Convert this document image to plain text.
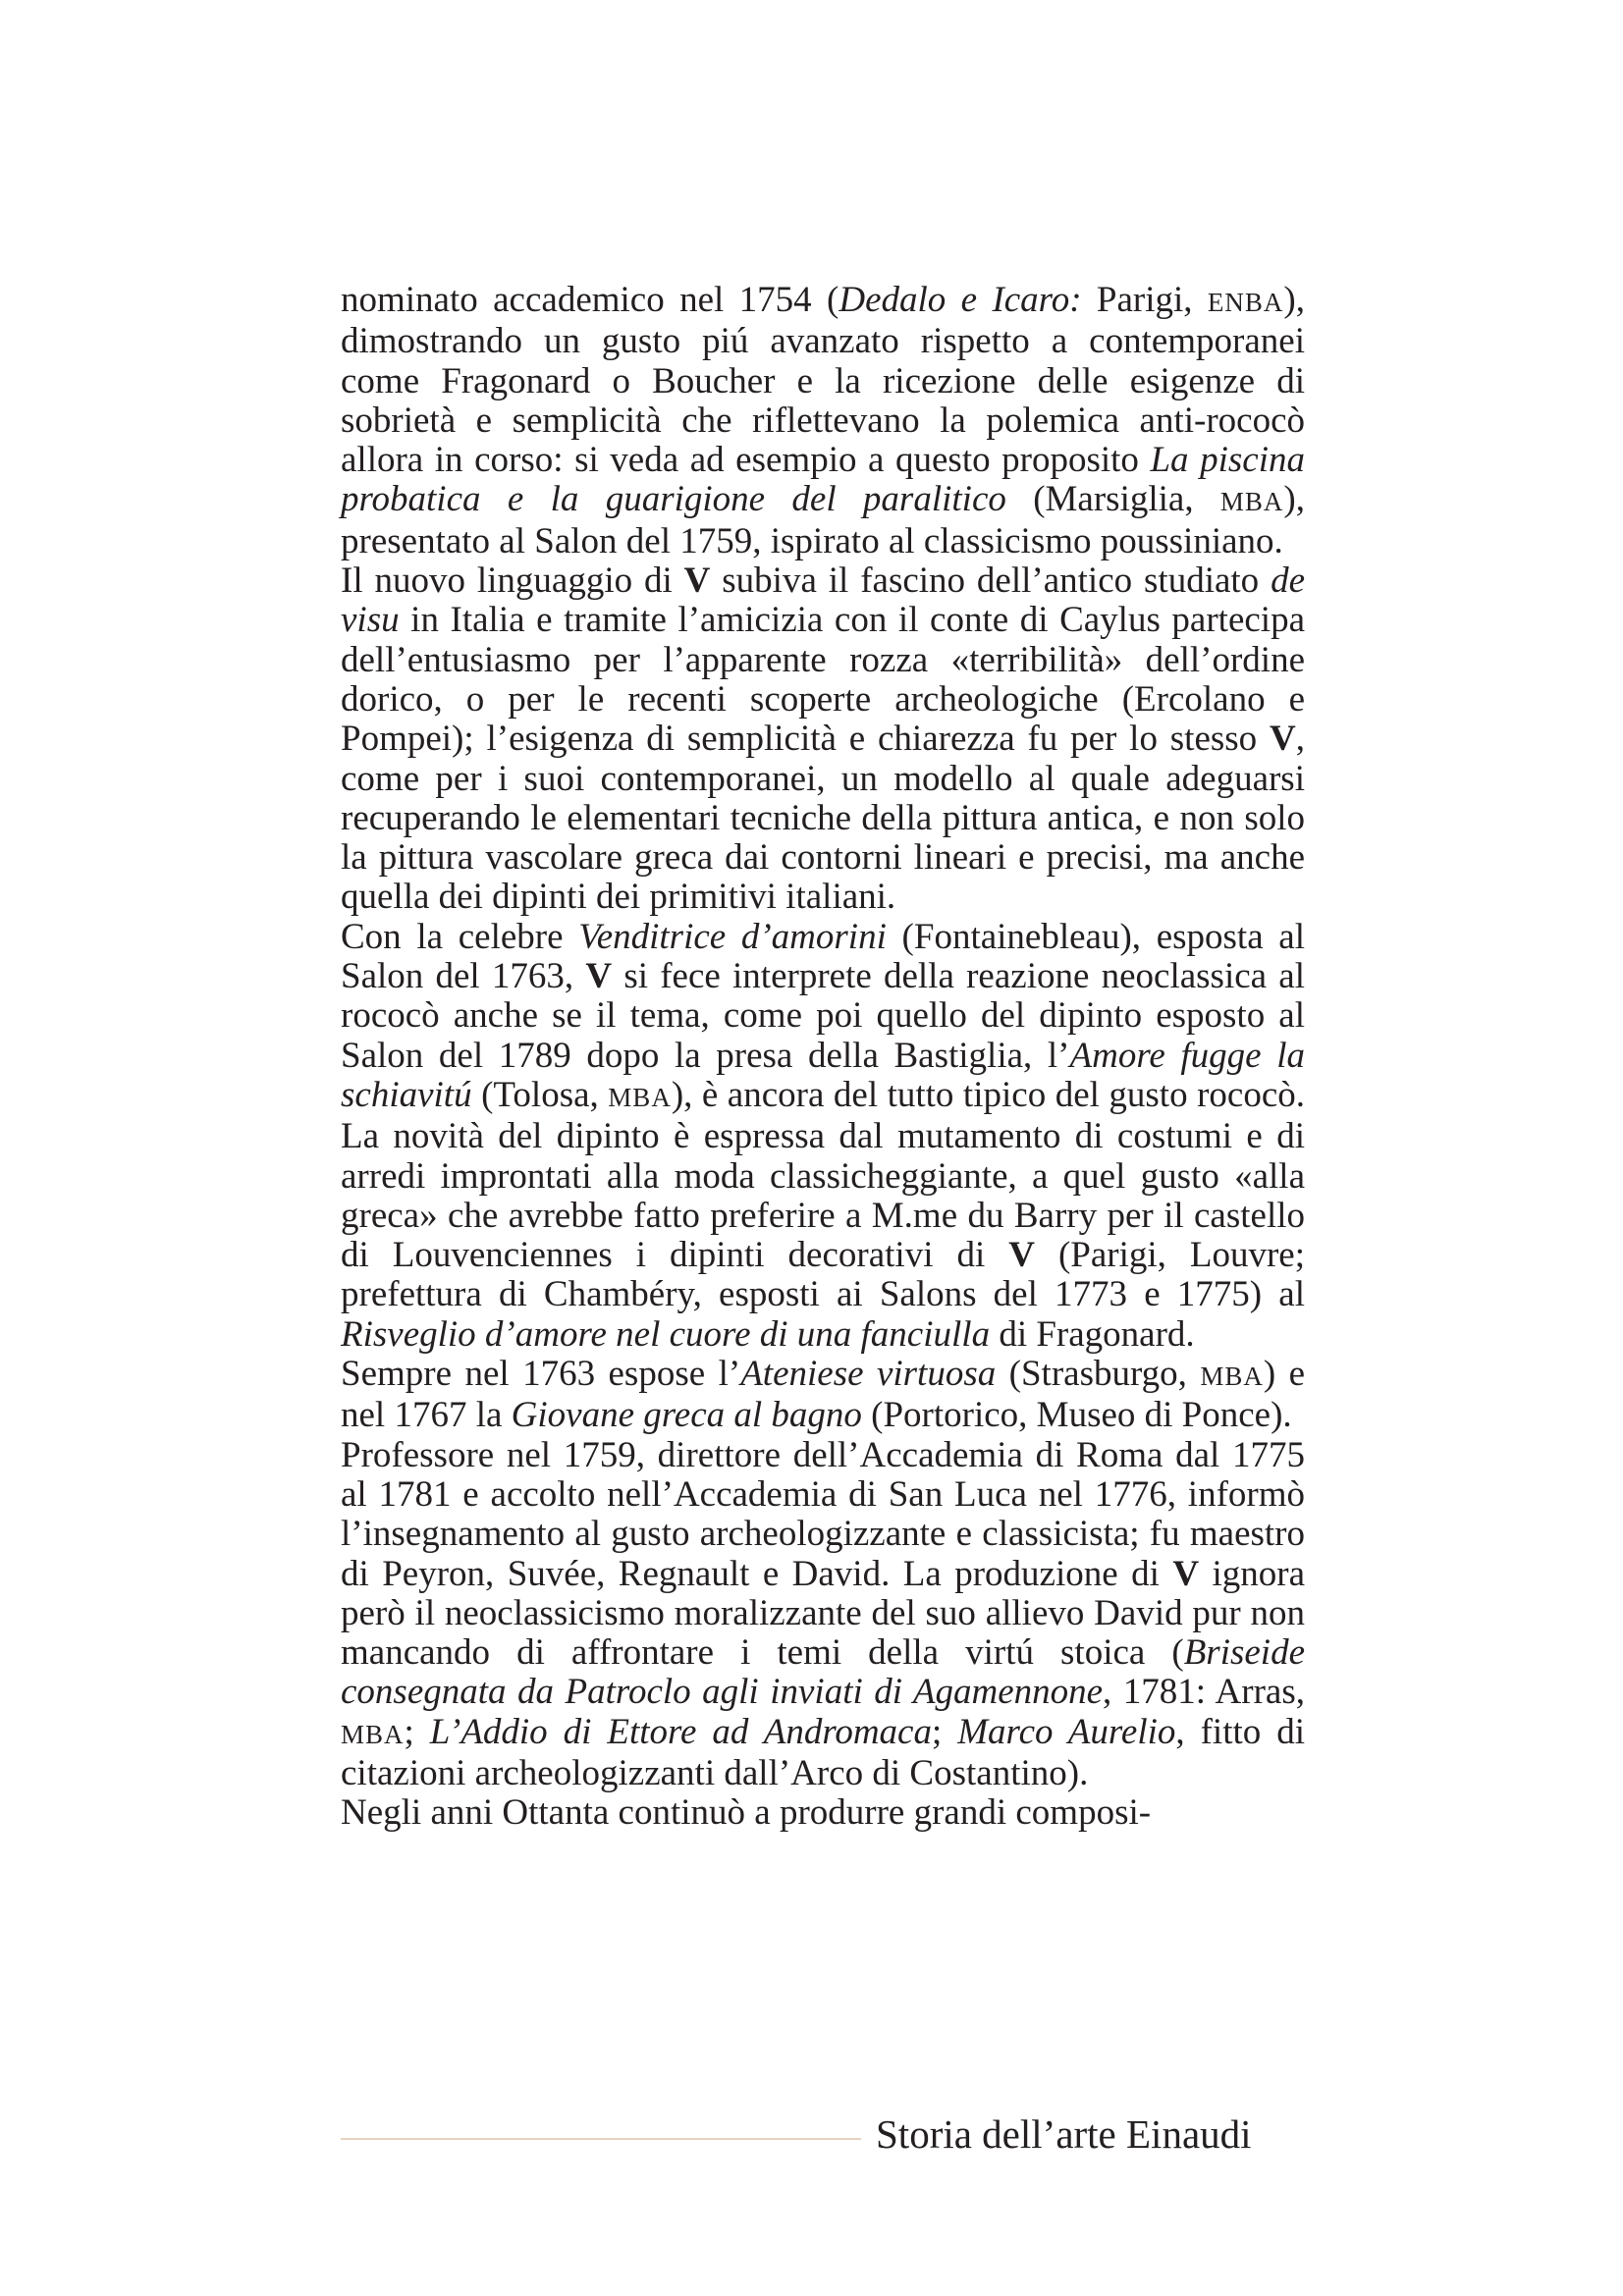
nominato accademico nel 1754 (Dedalo e Icaro: Parigi, ENBA), dimostrando un gusto piú avanzato rispetto a contemporanei come Fragonard o Boucher e la ricezione delle esigenze di sobrietà e semplicità che riflettevano la polemica anti-rococò allora in corso: si veda ad esempio a questo proposito La piscina probatica e la guarigione del paralitico (Marsiglia, MBA), presentato al Salon del 1759, ispirato al classicismo poussiniano.

Il nuovo linguaggio di V subiva il fascino dell’antico studiato de visu in Italia e tramite l’amicizia con il conte di Caylus partecipa dell’entusiasmo per l’apparente rozza «terribilità» dell’ordine dorico, o per le recenti scoperte archeologiche (Ercolano e Pompei); l’esigenza di semplicità e chiarezza fu per lo stesso V, come per i suoi contemporanei, un modello al quale adeguarsi recuperando le elementari tecniche della pittura antica, e non solo la pittura vascolare greca dai contorni lineari e precisi, ma anche quella dei dipinti dei primitivi italiani.

Con la celebre Venditrice d’amorini (Fontainebleau), esposta al Salon del 1763, V si fece interprete della reazione neoclassica al rococò anche se il tema, come poi quello del dipinto esposto al Salon del 1789 dopo la presa della Bastiglia, l’Amore fugge la schiavitú (Tolosa, MBA), è ancora del tutto tipico del gusto rococò. La novità del dipinto è espressa dal mutamento di costumi e di arredi improntati alla moda classicheggiante, a quel gusto «alla greca» che avrebbe fatto preferire a M.me du Barry per il castello di Louvenciennes i dipinti decorativi di V (Parigi, Louvre; prefettura di Chambéry, esposti ai Salons del 1773 e 1775) al Risveglio d’amore nel cuore di una fanciulla di Fragonard.

Sempre nel 1763 espose l’Ateniese virtuosa (Strasburgo, MBA) e nel 1767 la Giovane greca al bagno (Portorico, Museo di Ponce).

Professore nel 1759, direttore dell’Accademia di Roma dal 1775 al 1781 e accolto nell’Accademia di San Luca nel 1776, informò l’insegnamento al gusto archeologizzante e classicista; fu maestro di Peyron, Suvée, Regnault e David. La produzione di V ignora però il neoclassicismo moralizzante del suo allievo David pur non mancando di affrontare i temi della virtú stoica (Briseide consegnata da Patroclo agli inviati di Agamennone, 1781: Arras, MBA; L’Addio di Ettore ad Andromaca; Marco Aurelio, fitto di citazioni archeologizzanti dall’Arco di Costantino).

Negli anni Ottanta continuò a produrre grandi composi-

Storia dell’arte Einaudi
